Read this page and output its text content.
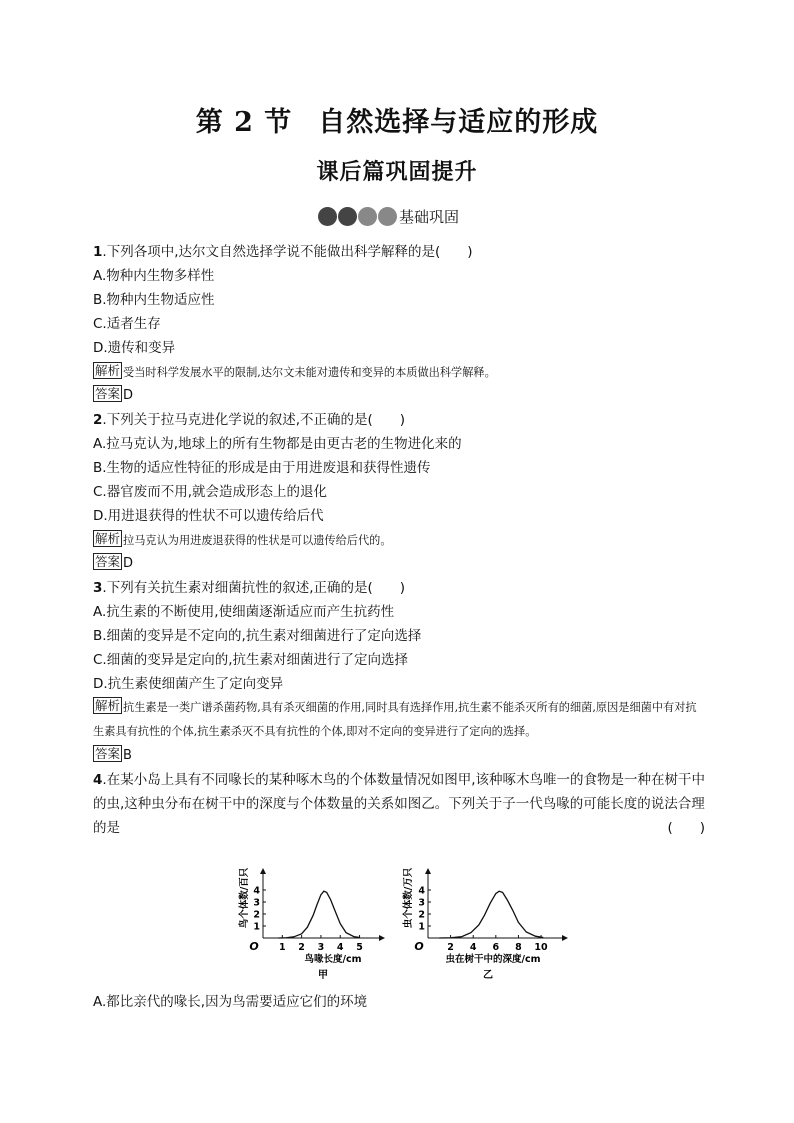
第 2 节 自然选择与适应的形成
课后篇巩固提升
基础巩固
1.下列各项中,达尔文自然选择学说不能做出科学解释的是(　　)
A.物种内生物多样性
B.物种内生物适应性
C.适者生存
D.遗传和变异
解析 受当时科学发展水平的限制,达尔文未能对遗传和变异的本质做出科学解释。
答案 D
2.下列关于拉马克进化学说的叙述,不正确的是(　　)
A.拉马克认为,地球上的所有生物都是由更古老的生物进化来的
B.生物的适应性特征的形成是由于用进废退和获得性遗传
C.器官废而不用,就会造成形态上的退化
D.用进退获得的性状不可以遗传给后代
解析 拉马克认为用进废退获得的性状是可以遗传给后代的。
答案 D
3.下列有关抗生素对细菌抗性的叙述,正确的是(　　)
A.抗生素的不断使用,使细菌逐渐适应而产生抗药性
B.细菌的变异是不定向的,抗生素对细菌进行了定向选择
C.细菌的变异是定向的,抗生素对细菌进行了定向选择
D.抗生素使细菌产生了定向变异
解析 抗生素是一类广谱杀菌药物,具有杀灭细菌的作用,同时具有选择作用,抗生素不能杀灭所有的细菌,原因是细菌中有对抗生素具有抗性的个体,抗生素杀灭不具有抗性的个体,即对不定向的变异进行了定向的选择。
答案 B
4.在某小岛上具有不同喙长的某种啄木鸟的个体数量情况如图甲,该种啄木鸟唯一的食物是一种在树干中的虫,这种虫分布在树干中的深度与个体数量的关系如图乙。下列关于子一代鸟喙的可能长度的说法合理的是	(　　)
O 1 2 3 4 5
1
2
3
4
鸟喙长度/cm
鸟个体数/百只
甲
O 2 4 6 8 10
1
2
3
4
虫在树干中的深度/cm
虫个体数/万只
乙
A.都比亲代的喙长,因为鸟需要适应它们的环境
